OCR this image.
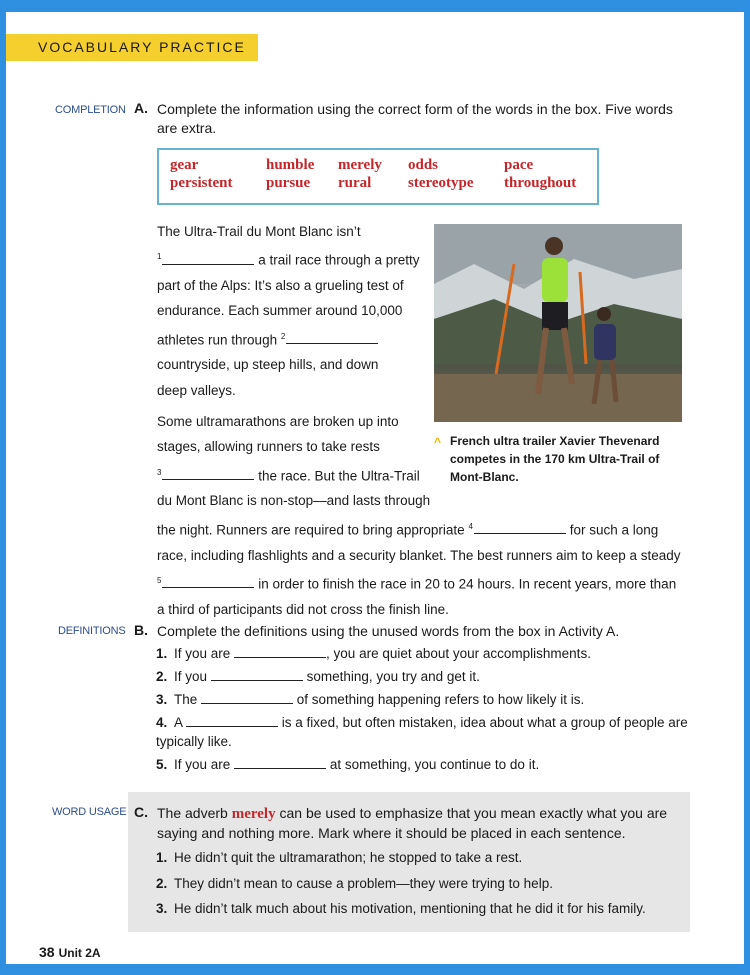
VOCABULARY PRACTICE
COMPLETION A. Complete the information using the correct form of the words in the box. Five words are extra.
gear	humble merely odds	pace
persistent pursue rural stereotype throughout
The Ultra-Trail du Mont Blanc isn’t
$^1$	a trail race through a pretty
part of the Alps: It’s also a grueling test of
endurance. Each summer around 10,000
athletes run through $^2$
countryside, up steep hills, and down
deep valleys.
Some ultramarathons are broken up into
stages, allowing runners to take rests
$^3$	the race. But the Ultra-Trail
du Mont Blanc is non-stop—and lasts through
the night. Runners are required to bring appropriate $^4$	for such a long
race, including flashlights and a security blanket. The best runners aim to keep a steady
$^5$	in order to finish the race in 20 to 24 hours. In recent years, more than
a third of participants did not cross the finish line.
^ French ultra trailer Xavier Thevenard competes in the 170 km Ultra-Trail of Mont-Blanc.
DEFINITIONS B. Complete the definitions using the unused words from the box in Activity A.
1. If you are	, you are quiet about your accomplishments.
2. If you	something, you try and get it.
3. The	of something happening refers to how likely it is.
4. A	is a fixed, but often mistaken, idea about what a group of people are typically like.
5. If you are	at something, you continue to do it.
WORD USAGE C. The adverb merely can be used to emphasize that you mean exactly what you are saying and nothing more. Mark where it should be placed in each sentence.
1. He didn’t quit the ultramarathon; he stopped to take a rest.
2. They didn’t mean to cause a problem—they were trying to help.
3. He didn’t talk much about his motivation, mentioning that he did it for his family.
38 Unit 2A
